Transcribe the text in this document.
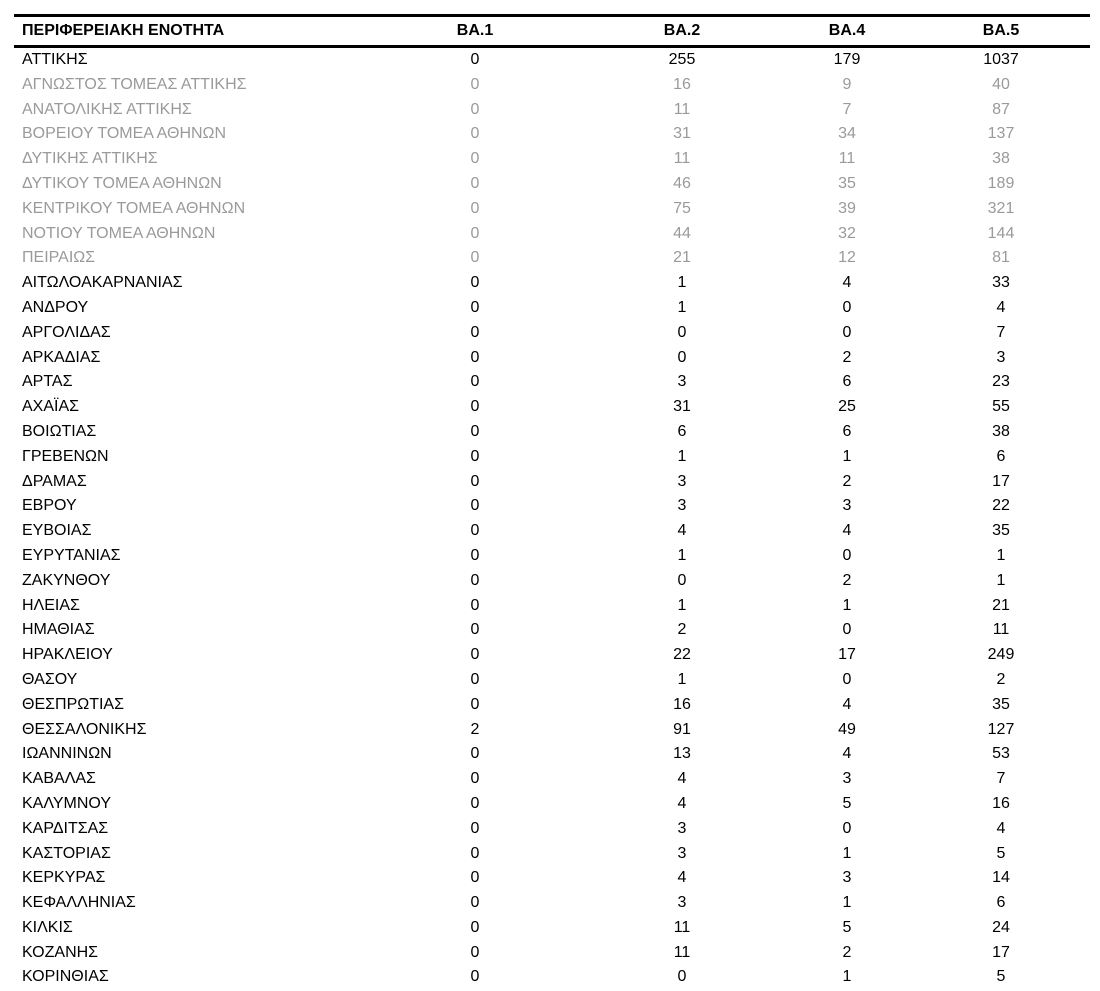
ΠΕΡΙΦΕΡΕΙΑΚΗ ΕΝΟΤΗΤΑ	ΒΑ.1	ΒΑ.2	ΒΑ.4	ΒΑ.5
ΑΤΤΙΚΗΣ	0	255	179	1037
ΑΓΝΩΣΤΟΣ ΤΟΜΕΑΣ ΑΤΤΙΚΗΣ	0	16	9	40
ΑΝΑΤΟΛΙΚΗΣ ΑΤΤΙΚΗΣ	0	11	7	87
ΒΟΡΕΙΟΥ ΤΟΜΕΑ ΑΘΗΝΩΝ	0	31	34	137
ΔΥΤΙΚΗΣ ΑΤΤΙΚΗΣ	0	11	11	38
ΔΥΤΙΚΟΥ ΤΟΜΕΑ ΑΘΗΝΩΝ	0	46	35	189
ΚΕΝΤΡΙΚΟΥ ΤΟΜΕΑ ΑΘΗΝΩΝ	0	75	39	321
ΝΟΤΙΟΥ ΤΟΜΕΑ ΑΘΗΝΩΝ	0	44	32	144
ΠΕΙΡΑΙΩΣ	0	21	12	81
ΑΙΤΩΛΟΑΚΑΡΝΑΝΙΑΣ	0	1	4	33
ΑΝΔΡΟΥ	0	1	0	4
ΑΡΓΟΛΙΔΑΣ	0	0	0	7
ΑΡΚΑΔΙΑΣ	0	0	2	3
ΑΡΤΑΣ	0	3	6	23
ΑΧΑΪΑΣ	0	31	25	55
ΒΟΙΩΤΙΑΣ	0	6	6	38
ΓΡΕΒΕΝΩΝ	0	1	1	6
ΔΡΑΜΑΣ	0	3	2	17
ΕΒΡΟΥ	0	3	3	22
ΕΥΒΟΙΑΣ	0	4	4	35
ΕΥΡΥΤΑΝΙΑΣ	0	1	0	1
ΖΑΚΥΝΘΟΥ	0	0	2	1
ΗΛΕΙΑΣ	0	1	1	21
ΗΜΑΘΙΑΣ	0	2	0	11
ΗΡΑΚΛΕΙΟΥ	0	22	17	249
ΘΑΣΟΥ	0	1	0	2
ΘΕΣΠΡΩΤΙΑΣ	0	16	4	35
ΘΕΣΣΑΛΟΝΙΚΗΣ	2	91	49	127
ΙΩΑΝΝΙΝΩΝ	0	13	4	53
ΚΑΒΑΛΑΣ	0	4	3	7
ΚΑΛΥΜΝΟΥ	0	4	5	16
ΚΑΡΔΙΤΣΑΣ	0	3	0	4
ΚΑΣΤΟΡΙΑΣ	0	3	1	5
ΚΕΡΚΥΡΑΣ	0	4	3	14
ΚΕΦΑΛΛΗΝΙΑΣ	0	3	1	6
ΚΙΛΚΙΣ	0	11	5	24
ΚΟΖΑΝΗΣ	0	11	2	17
ΚΟΡΙΝΘΙΑΣ	0	0	1	5
